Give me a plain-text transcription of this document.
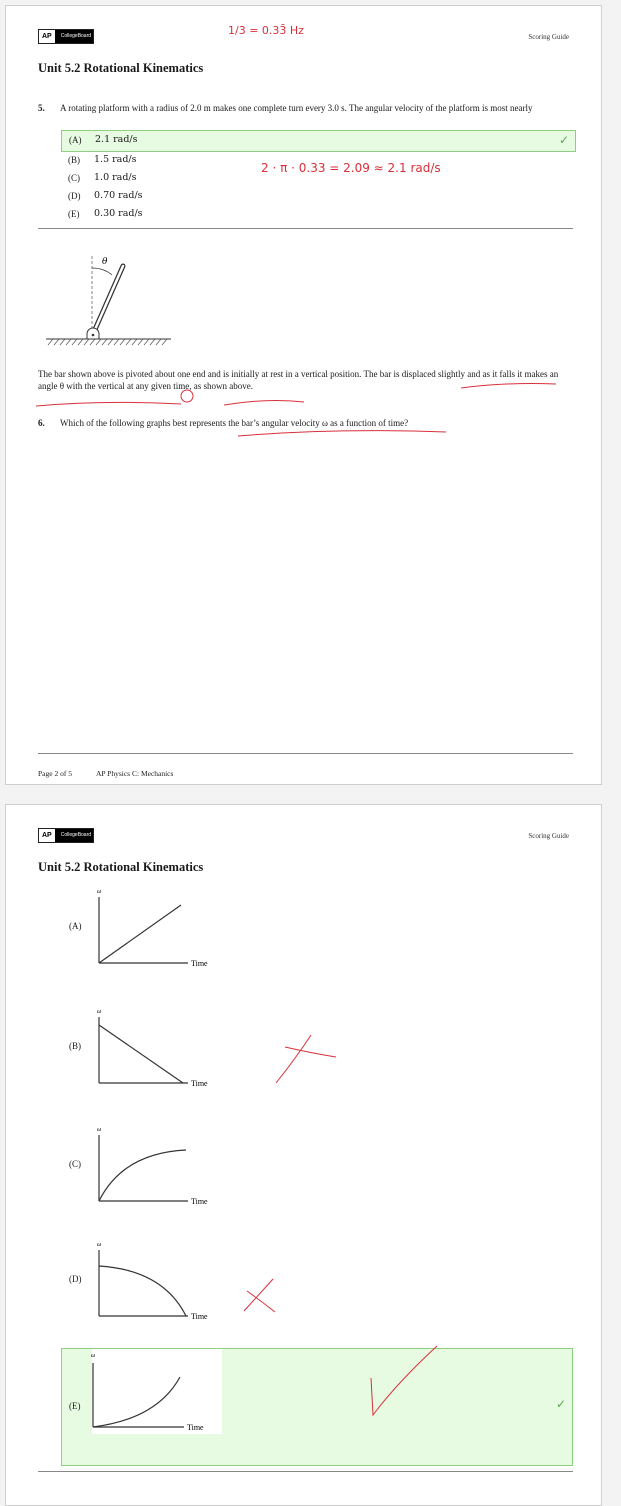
AP	CollegeBoard	Scoring Guide
1/3 = 0.33̄ Hz
Unit 5.2 Rotational Kinematics
5. A rotating platform with a radius of 2.0 m makes one complete turn every 3.0 s. The angular velocity of the platform is most nearly
(A) 2.1 rad/s	✓
(B) 1.5 rad/s
(C) 1.0 rad/s
(D) 0.70 rad/s
(E) 0.30 rad/s
2 · π · 0.33 = 2.09 ≈ 2.1 rad/s
θ
The bar shown above is pivoted about one end and is initially at rest in a vertical position. The bar is displaced slightly and as it falls it makes an angle θ with the vertical at any given time, as shown above.
6. Which of the following graphs best represents the bar’s angular velocity ω as a function of time?
Page 2 of 5	AP Physics C: Mechanics
AP	CollegeBoard	Scoring Guide
Unit 5.2 Rotational Kinematics
(A)
ω
Time
(B)
ω
Time
(C)
ω
Time
(D)
ω
Time
(E)
ω
Time
✓
